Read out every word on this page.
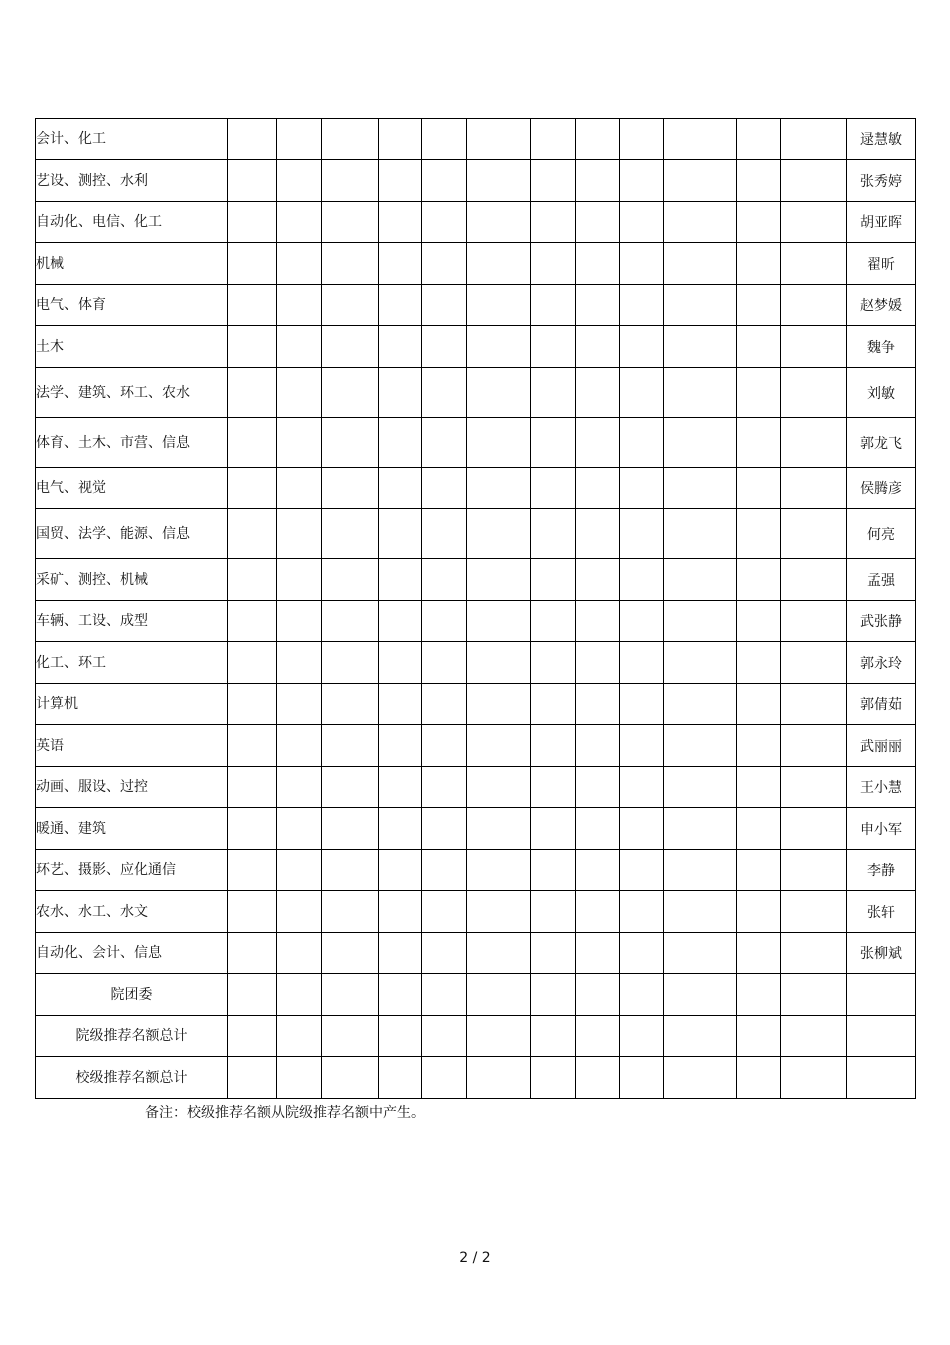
会计、化工													逯慧敏
艺设、测控、水利													张秀婷
自动化、电信、化工													胡亚晖
机械													翟昕
电气、体育													赵梦媛
土木													魏争
法学、建筑、环工、农水													刘敏
体育、土木、市营、信息													郭龙飞
电气、视觉													侯腾彦
国贸、法学、能源、信息													何亮
采矿、测控、机械													孟强
车辆、工设、成型													武张静
化工、环工													郭永玲
计算机													郭倩茹
英语													武丽丽
动画、服设、过控													王小慧
暖通、建筑													申小军
环艺、摄影、应化通信													李静
农水、水工、水文													张轩
自动化、会计、信息													张柳斌
院团委													
院级推荐名额总计													
校级推荐名额总计													
备注：校级推荐名额从院级推荐名额中产生。
2 / 2
